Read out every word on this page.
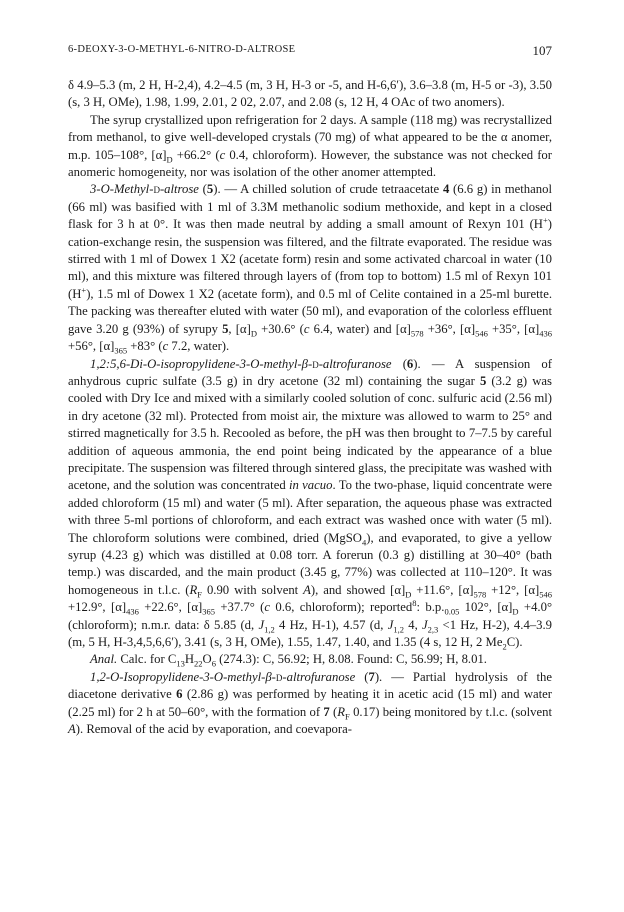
6-DEOXY-3-O-METHYL-6-NITRO-D-ALTROSE	107

δ 4.9–5.3 (m, 2 H, H-2,4), 4.2–4.5 (m, 3 H, H-3 or -5, and H-6,6′), 3.6–3.8 (m, H-5 or -3), 3.50 (s, 3 H, OMe), 1.98, 1.99, 2.01, 2 02, 2.07, and 2.08 (s, 12 H, 4 OAc of two anomers).

The syrup crystallized upon refrigeration for 2 days. A sample (118 mg) was recrystallized from methanol, to give well-developed crystals (70 mg) of what appeared to be the α anomer, m.p. 105–108°, $[\alpha]_D +66.2^\circ$ (c 0.4, chloroform). However, the substance was not checked for anomeric homogeneity, nor was isolation of the other anomer attempted.

3-O-Methyl-d-altrose (5). — A chilled solution of crude tetraacetate 4 (6.6 g) in methanol (66 ml) was basified with 1 ml of 3.3M methanolic sodium methoxide, and kept in a closed flask for 3 h at 0°. It was then made neutral by adding a small amount of Rexyn 101 (H+) cation-exchange resin, the suspension was filtered, and the filtrate evaporated. The residue was stirred with 1 ml of Dowex 1 X2 (acetate form) resin and some activated charcoal in water (10 ml), and this mixture was filtered through layers of (from top to bottom) 1.5 ml of Rexyn 101 (H+), 1.5 ml of Dowex 1 X2 (acetate form), and 0.5 ml of Celite contained in a 25-ml burette. The packing was thereafter eluted with water (50 ml), and evaporation of the colorless effluent gave 3.20 g (93%) of syrupy 5, $[\alpha]_D +30.6^\circ$ (c 6.4, water) and $[\alpha]_{578} +36^\circ$, $[\alpha]_{546} +35^\circ$, $[\alpha]_{436} +56^\circ$, $[\alpha]_{365} +83^\circ$ (c 7.2, water).

1,2:5,6-Di-O-isopropylidene-3-O-methyl-β-d-altrofuranose (6). — A suspension of anhydrous cupric sulfate (3.5 g) in dry acetone (32 ml) containing the sugar 5 (3.2 g) was cooled with Dry Ice and mixed with a similarly cooled solution of conc. sulfuric acid (2.56 ml) in dry acetone (32 ml). Protected from moist air, the mixture was allowed to warm to 25° and stirred magnetically for 3.5 h. Recooled as before, the pH was then brought to 7–7.5 by careful addition of aqueous ammonia, the end point being indicated by the appearance of a blue precipitate. The suspension was filtered through sintered glass, the precipitate was washed with acetone, and the solution was concentrated in vacuo. To the two-phase, liquid concentrate were added chloroform (15 ml) and water (5 ml). After separation, the aqueous phase was extracted with three 5-ml portions of chloroform, and each extract was washed once with water (5 ml). The chloroform solutions were combined, dried (MgSO$_4$), and evaporated, to give a yellow syrup (4.23 g) which was distilled at 0.08 torr. A forerun (0.3 g) distilling at 30–40° (bath temp.) was discarded, and the main product (3.45 g, 77%) was collected at 110–120°. It was homogeneous in t.l.c. ($R_F$ 0.90 with solvent A), and showed $[\alpha]_D +11.6^\circ$, $[\alpha]_{578} +12^\circ$, $[\alpha]_{546} +12.9^\circ$, $[\alpha]_{436} +22.6^\circ$, $[\alpha]_{365} +37.7^\circ$ (c 0.6, chloroform); reported$^8$: $b.p._{0.05}$ 102°, $[\alpha]_D +4.0^\circ$ (chloroform); n.m.r. data: δ 5.85 (d, $J_{1,2}$ 4 Hz, H-1), 4.57 (d, $J_{1,2}$ 4, $J_{2,3} <1$ Hz, H-2), 4.4–3.9 (m, 5 H, H-3,4,5,6,6′), 3.41 (s, 3 H, OMe), 1.55, 1.47, 1.40, and 1.35 (4 s, 12 H, 2 $Me_2C$).

Anal. Calc. for $C_{13}H_{22}O_6$ (274.3): C, 56.92; H, 8.08. Found: C, 56.99; H, 8.01.

1,2-O-Isopropylidene-3-O-methyl-β-d-altrofuranose (7). — Partial hydrolysis of the diacetone derivative 6 (2.86 g) was performed by heating it in acetic acid (15 ml) and water (2.25 ml) for 2 h at 50–60°, with the formation of 7 ($R_F$ 0.17) being monitored by t.l.c. (solvent A). Removal of the acid by evaporation, and coevapora-
